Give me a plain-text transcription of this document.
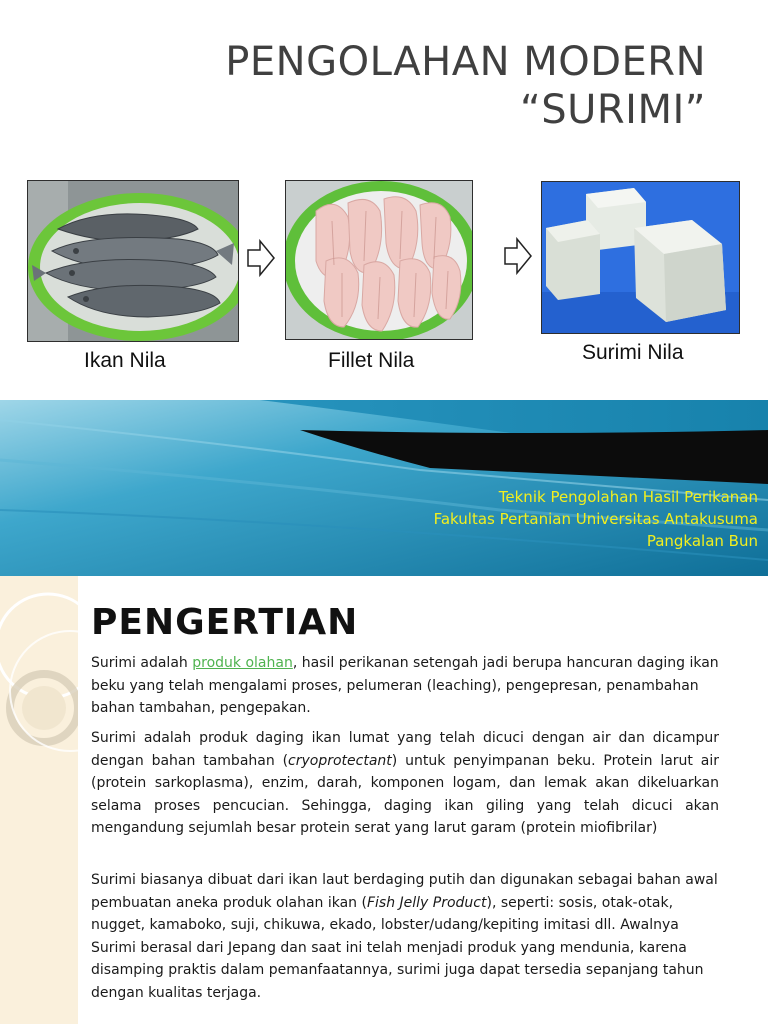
PENGOLAHAN MODERN
“SURIMI”
Ikan Nila	Fillet Nila	Surimi Nila
Teknik Pengolahan Hasil Perikanan
Fakultas Pertanian Universitas Antakusuma
Pangkalan Bun
PENGERTIAN
Surimi adalah produk olahan, hasil perikanan setengah jadi berupa hancuran daging ikan beku yang telah mengalami proses, pelumeran (leaching), pengepresan, penambahan bahan tambahan, pengepakan.
Surimi adalah produk daging ikan lumat yang telah dicuci dengan air dan dicampur dengan bahan tambahan (cryoprotectant) untuk penyimpanan beku. Protein larut air (protein sarkoplasma), enzim, darah, komponen logam, dan lemak akan dikeluarkan selama proses pencucian. Sehingga, daging ikan giling yang telah dicuci akan mengandung sejumlah besar protein serat yang larut garam (protein miofibrilar)
Surimi biasanya dibuat dari ikan laut berdaging putih dan digunakan sebagai bahan awal pembuatan aneka produk olahan ikan (Fish Jelly Product), seperti: sosis, otak-otak, nugget, kamaboko, suji, chikuwa, ekado, lobster/udang/kepiting imitasi dll. Awalnya Surimi berasal dari Jepang dan saat ini telah menjadi produk yang mendunia, karena disamping praktis dalam pemanfaatannya, surimi juga dapat tersedia sepanjang tahun dengan kualitas terjaga.
